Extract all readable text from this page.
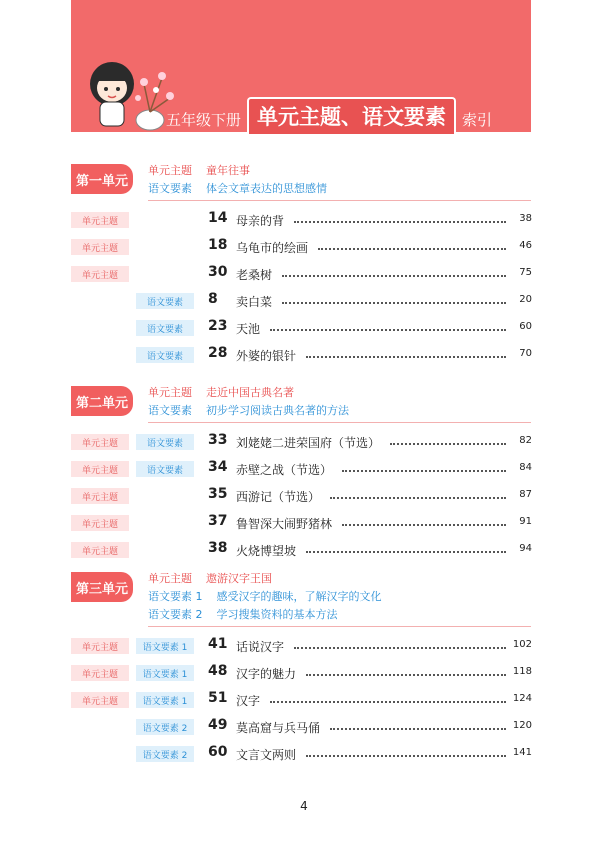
五年级下册 单元主题、语文要素	索引
第一单元
单元主题 童年往事
语文要素 体会文章表达的思想感情
单元主题	14 母亲的背	38
单元主题	18 乌龟市的绘画	46
单元主题	30 老桑树	75
语文要素	8 卖白菜	20
语文要素	23 天池	60
语文要素	28 外婆的银针	70
第二单元
单元主题 走近中国古典名著
语文要素 初步学习阅读古典名著的方法
单元主题	语文要素	33 刘姥姥二进荣国府（节选）	82
单元主题	语文要素	34 赤壁之战（节选）	84
单元主题	35 西游记（节选）	87
单元主题	37 鲁智深大闹野猪林	91
单元主题	38 火烧博望坡	94
第三单元
单元主题 遨游汉字王国
语文要素 1 感受汉字的趣味，了解汉字的文化
语文要素 2 学习搜集资料的基本方法
单元主题	语文要素 1	41 话说汉字	102
单元主题	语文要素 1	48 汉字的魅力	118
单元主题	语文要素 1	51 汉字	124
语文要素 2	49 莫高窟与兵马俑	120
语文要素 2	60 文言文两则	141
4
